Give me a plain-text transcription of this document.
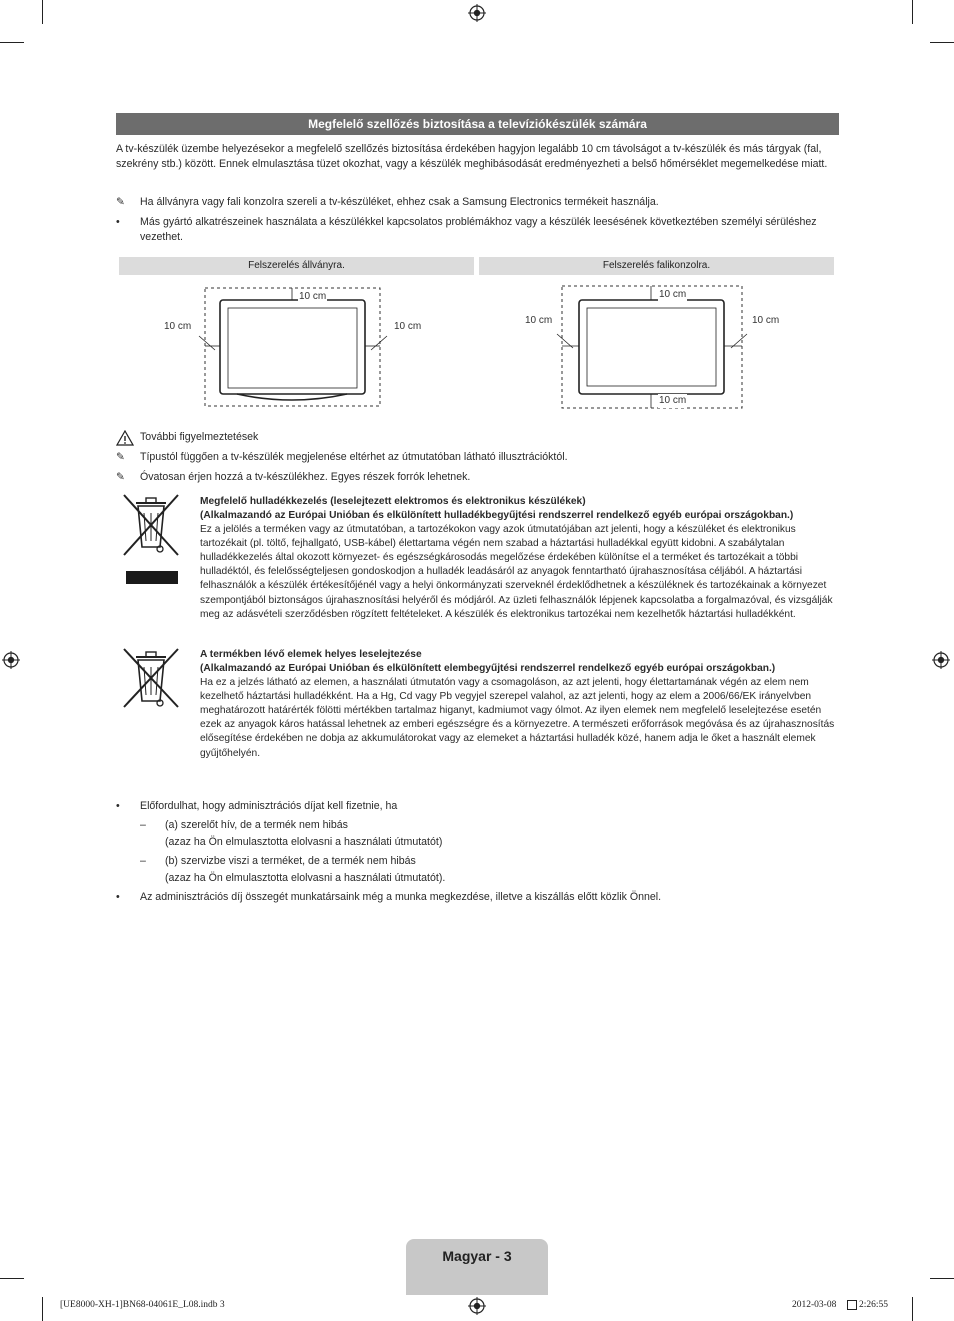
Megfelelő szellőzés biztosítása a televíziókészülék számára
A tv-készülék üzembe helyezésekor a megfelelő szellőzés biztosítása érdekében hagyjon legalább 10 cm távolságot a tv-készülék és más tárgyak (fal, szekrény stb.) között. Ennek elmulasztása tüzet okozhat, vagy a készülék meghibásodását eredményezheti a belső hőmérséklet megemelkedése miatt.
✎	Ha állványra vagy fali konzolra szereli a tv-készüléket, ehhez csak a Samsung Electronics termékeit használja.
•	Más gyártó alkatrészeinek használata a készülékkel kapcsolatos problémákhoz vagy a készülék leesésének következtében személyi sérüléshez vezethet.
Felszerelés állványra.	Felszerelés falikonzolra.
10 cm
10 cm	10 cm
10 cm
10 cm	10 cm
10 cm
További figyelmeztetések
✎	Típustól függően a tv-készülék megjelenése eltérhet az útmutatóban látható illusztrációktól.
✎	Óvatosan érjen hozzá a tv-készülékhez. Egyes részek forrók lehetnek.
Megfelelő hulladékkezelés (leselejtezett elektromos és elektronikus készülékek)
(Alkalmazandó az Európai Unióban és elkülönített hulladékbegyűjtési rendszerrel rendelkező egyéb európai országokban.)
Ez a jelölés a terméken vagy az útmutatóban, a tartozékokon vagy azok útmutatójában azt jelenti, hogy a készüléket és elektronikus tartozékait (pl. töltő, fejhallgató, USB-kábel) élettartama végén nem szabad a háztartási hulladékkal együtt kidobni. A szabálytalan hulladékkezelés által okozott környezet- és egészségkárosodás megelőzése érdekében különítse el a terméket és tartozékait a többi hulladéktól, és felelősségteljesen gondoskodjon a hulladék leadásáról az anyagok fenntartható újrahasznosítása céljából. A háztartási felhasználók a készülék értékesítőjénél vagy a helyi önkormányzati szerveknél érdeklődhetnek a készüléknek és tartozékainak a környezet szempontjából biztonságos újrahasznosítási helyéről és módjáról. Az üzleti felhasználók lépjenek kapcsolatba a forgalmazóval, és vizsgálják meg az adásvételi szerződésben rögzített feltételeket. A készülék és elektronikus tartozékai nem kezelhetők háztartási hulladékként.
A termékben lévő elemek helyes leselejtezése
(Alkalmazandó az Európai Unióban és elkülönített elembegyűjtési rendszerrel rendelkező egyéb európai országokban.)
Ha ez a jelzés látható az elemen, a használati útmutatón vagy a csomagoláson, az azt jelenti, hogy élettartamának végén az elem nem kezelhető háztartási hulladékként. Ha a Hg, Cd vagy Pb vegyjel szerepel valahol, az azt jelenti, hogy az elem a 2006/66/EK irányelvben meghatározott határérték fölötti mértékben tartalmaz higanyt, kadmiumot vagy ólmot. Az ilyen elemek nem megfelelő leselejtezése esetén ezek az anyagok káros hatással lehetnek az emberi egészségre és a környezetre. A természeti erőforrások megóvása és az újrahasznosítás elősegítése érdekében ne dobja az akkumulátorokat vagy az elemeket a háztartási hulladék közé, hanem adja le őket a használt elemek gyűjtőhelyén.
•	Előfordulhat, hogy adminisztrációs díjat kell fizetnie, ha
– (a) szerelőt hív, de a termék nem hibás
(azaz ha Ön elmulasztotta elolvasni a használati útmutatót)
– (b) szervizbe viszi a terméket, de a termék nem hibás
(azaz ha Ön elmulasztotta elolvasni a használati útmutatót).
•	Az adminisztrációs díj összegét munkatársaink még a munka megkezdése, illetve a kiszállás előtt közlik Önnel.
Magyar - 3
[UE8000-XH-1]BN68-04061E_L08.indb 3	2012-03-08 2:26:55
